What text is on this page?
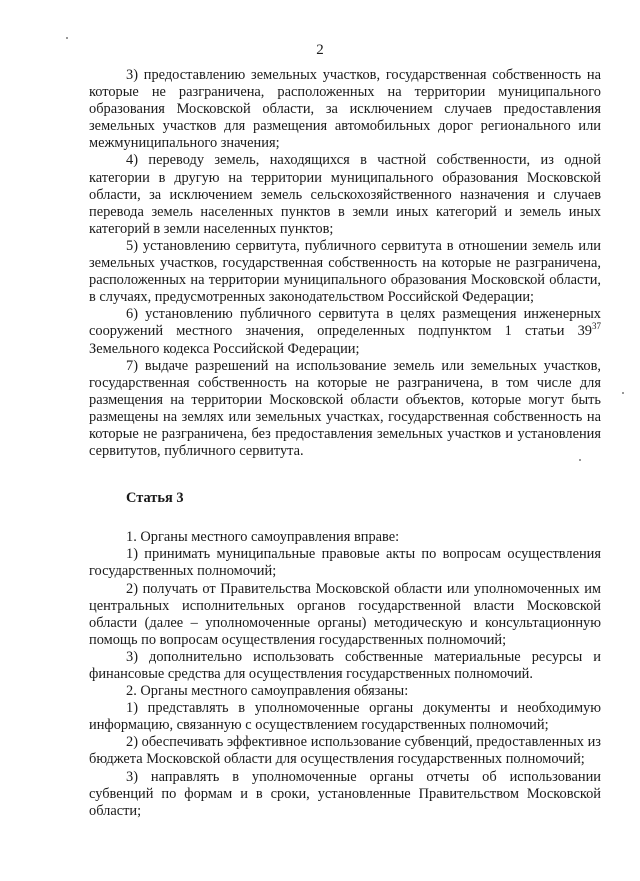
2

3) предоставлению земельных участков, государственная собственность на которые не разграничена, расположенных на территории муниципального образования Московской области, за исключением случаев предоставления земельных участков для размещения автомобильных дорог регионального или межмуниципального значения;

4) переводу земель, находящихся в частной собственности, из одной категории в другую на территории муниципального образования Московской области, за исключением земель сельскохозяйственного назначения и случаев перевода земель населенных пунктов в земли иных категорий и земель иных категорий в земли населенных пунктов;

5) установлению сервитута, публичного сервитута в отношении земель или земельных участков, государственная собственность на которые не разграничена, расположенных на территории муниципального образования Московской области, в случаях, предусмотренных законодательством Российской Федерации;

6) установлению публичного сервитута в целях размещения инженерных сооружений местного значения, определенных подпунктом 1 статьи $39^{37}$ Земельного кодекса Российской Федерации;

7) выдаче разрешений на использование земель или земельных участков, государственная собственность на которые не разграничена, в том числе для размещения на территории Московской области объектов, которые могут быть размещены на землях или земельных участках, государственная собственность на которые не разграничена, без предоставления земельных участков и установления сервитутов, публичного сервитута.

Статья 3

1. Органы местного самоуправления вправе:

1) принимать муниципальные правовые акты по вопросам осуществления государственных полномочий;

2) получать от Правительства Московской области или уполномоченных им центральных исполнительных органов государственной власти Московской области (далее – уполномоченные органы) методическую и консультационную помощь по вопросам осуществления государственных полномочий;

3) дополнительно использовать собственные материальные ресурсы и финансовые средства для осуществления государственных полномочий.

2. Органы местного самоуправления обязаны:

1) представлять в уполномоченные органы документы и необходимую информацию, связанную с осуществлением государственных полномочий;

2) обеспечивать эффективное использование субвенций, предоставленных из бюджета Московской области для осуществления государственных полномочий;

3) направлять в уполномоченные органы отчеты об использовании субвенций по формам и в сроки, установленные Правительством Московской области;
